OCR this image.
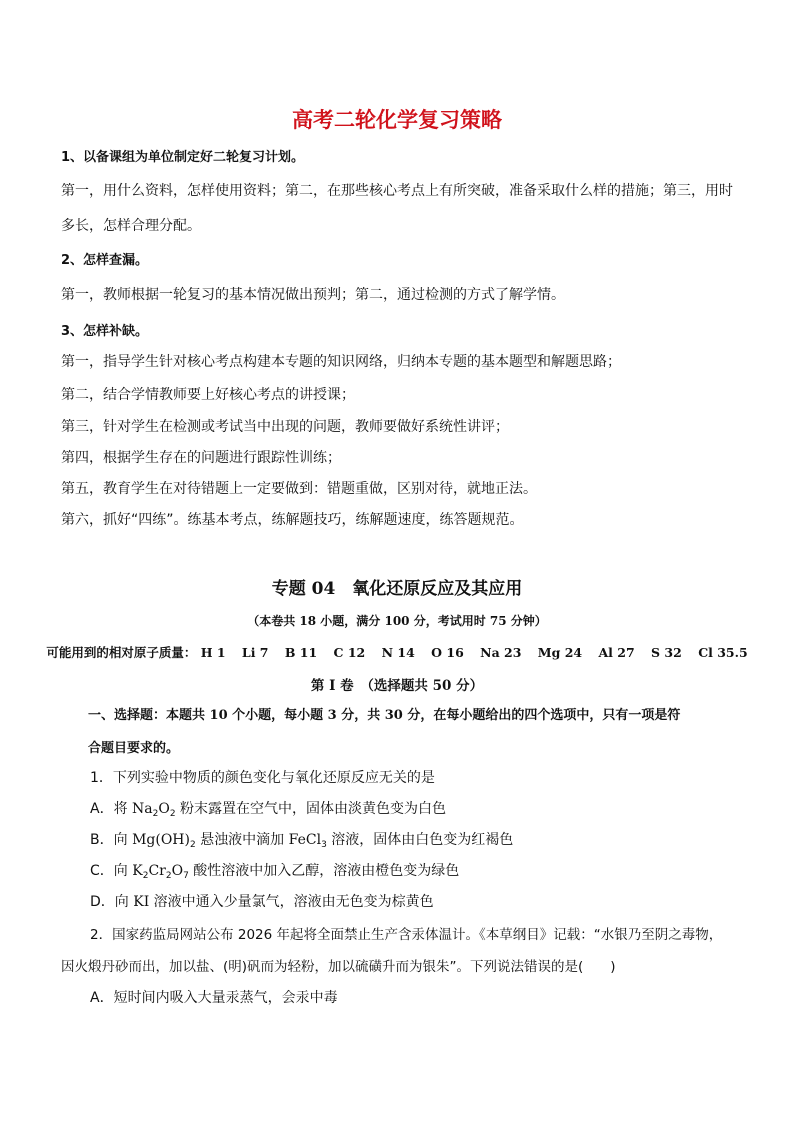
高考二轮化学复习策略
1、以备课组为单位制定好二轮复习计划。
第一，用什么资料，怎样使用资料；第二，在那些核心考点上有所突破，准备采取什么样的措施；第三，用时
多长，怎样合理分配。
2、怎样查漏。
第一，教师根据一轮复习的基本情况做出预判；第二，通过检测的方式了解学情。
3、怎样补缺。
第一，指导学生针对核心考点构建本专题的知识网络，归纳本专题的基本题型和解题思路；
第二，结合学情教师要上好核心考点的讲授课；
第三，针对学生在检测或考试当中出现的问题，教师要做好系统性讲评；
第四，根据学生存在的问题进行跟踪性训练；
第五，教育学生在对待错题上一定要做到：错题重做，区别对待，就地正法。
第六，抓好“四练”。练基本考点，练解题技巧，练解题速度，练答题规范。
专题 04　氧化还原反应及其应用
（本卷共 18 小题，满分 100 分，考试用时 75 分钟）
可能用到的相对原子质量： H 1 Li 7 B 11 C 12 N 14 O 16 Na 23 Mg 24 Al 27 S 32 Cl 35.5
第 I 卷　（选择题共 50 分）
一、选择题：本题共 10 个小题，每小题 3 分，共 30 分，在每小题给出的四个选项中，只有一项是符
合题目要求的。
1．下列实验中物质的颜色变化与氧化还原反应无关的是
A．将 $Na_2O_2$ 粉末露置在空气中，固体由淡黄色变为白色
B．向 $Mg(OH)_2$ 悬浊液中滴加 FeCl$_3$ 溶液，固体由白色变为红褐色
C．向 $K_2Cr_2O_7$ 酸性溶液中加入乙醇，溶液由橙色变为绿色
D．向 KI 溶液中通入少量氯气，溶液由无色变为棕黄色
2．国家药监局网站公布 2026 年起将全面禁止生产含汞体温计。《本草纲目》记载：“水银乃至阴之毒物，
因火煅丹砂而出，加以盐、(明)矾而为轻粉，加以硫磺升而为银朱”。下列说法错误的是(　　)
A．短时间内吸入大量汞蒸气，会汞中毒
